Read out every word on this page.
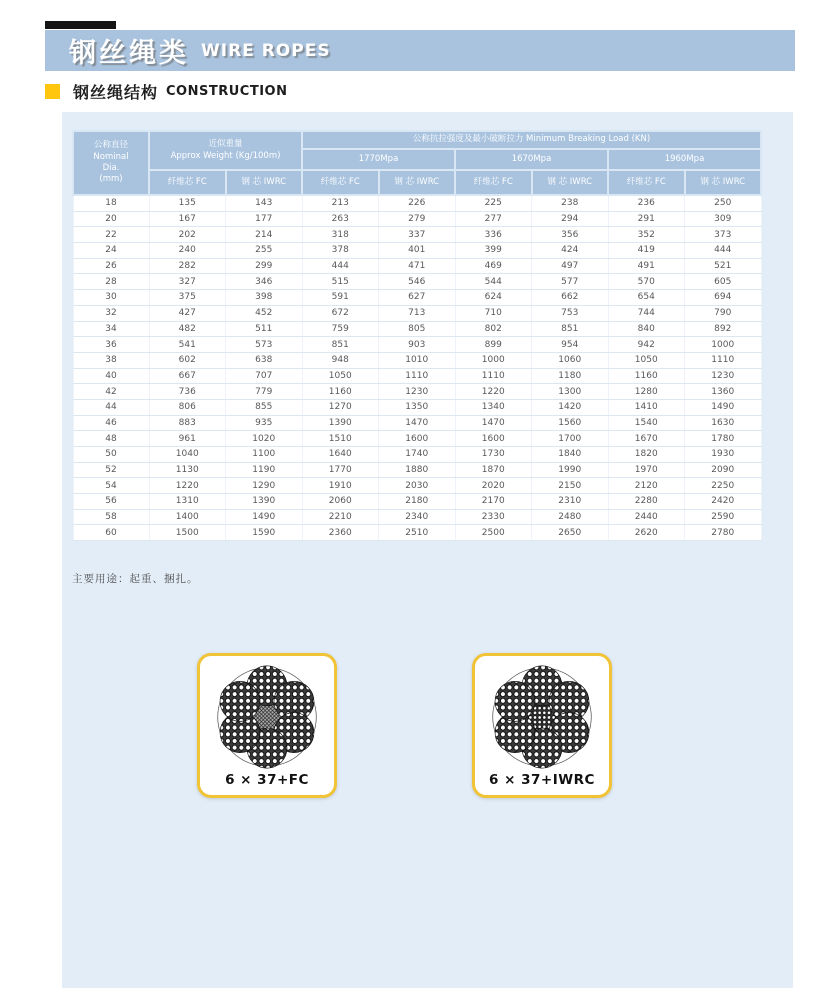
钢丝绳类 WIRE ROPES
钢丝绳结构 CONSTRUCTION
公称直径
Nominal
Dia.
(mm)	近似重量
Approx Weight (Kg/100m)		公称抗拉强度及最小破断拉力 Minimum Breaking Load (KN)					
			1770Mpa		1670Mpa		1960Mpa	
	纤维芯 FC	钢 芯 IWRC	纤维芯 FC	钢 芯 IWRC	纤维芯 FC	钢 芯 IWRC	纤维芯 FC	钢 芯 IWRC
18	135	143	213	226	225	238	236	250
20	167	177	263	279	277	294	291	309
22	202	214	318	337	336	356	352	373
24	240	255	378	401	399	424	419	444
26	282	299	444	471	469	497	491	521
28	327	346	515	546	544	577	570	605
30	375	398	591	627	624	662	654	694
32	427	452	672	713	710	753	744	790
34	482	511	759	805	802	851	840	892
36	541	573	851	903	899	954	942	1000
38	602	638	948	1010	1000	1060	1050	1110
40	667	707	1050	1110	1110	1180	1160	1230
42	736	779	1160	1230	1220	1300	1280	1360
44	806	855	1270	1350	1340	1420	1410	1490
46	883	935	1390	1470	1470	1560	1540	1630
48	961	1020	1510	1600	1600	1700	1670	1780
50	1040	1100	1640	1740	1730	1840	1820	1930
52	1130	1190	1770	1880	1870	1990	1970	2090
54	1220	1290	1910	2030	2020	2150	2120	2250
56	1310	1390	2060	2180	2170	2310	2280	2420
58	1400	1490	2210	2340	2330	2480	2440	2590
60	1500	1590	2360	2510	2500	2650	2620	2780
主要用途：起重、捆扎。
6 × 37+FC	6 × 37+IWRC
